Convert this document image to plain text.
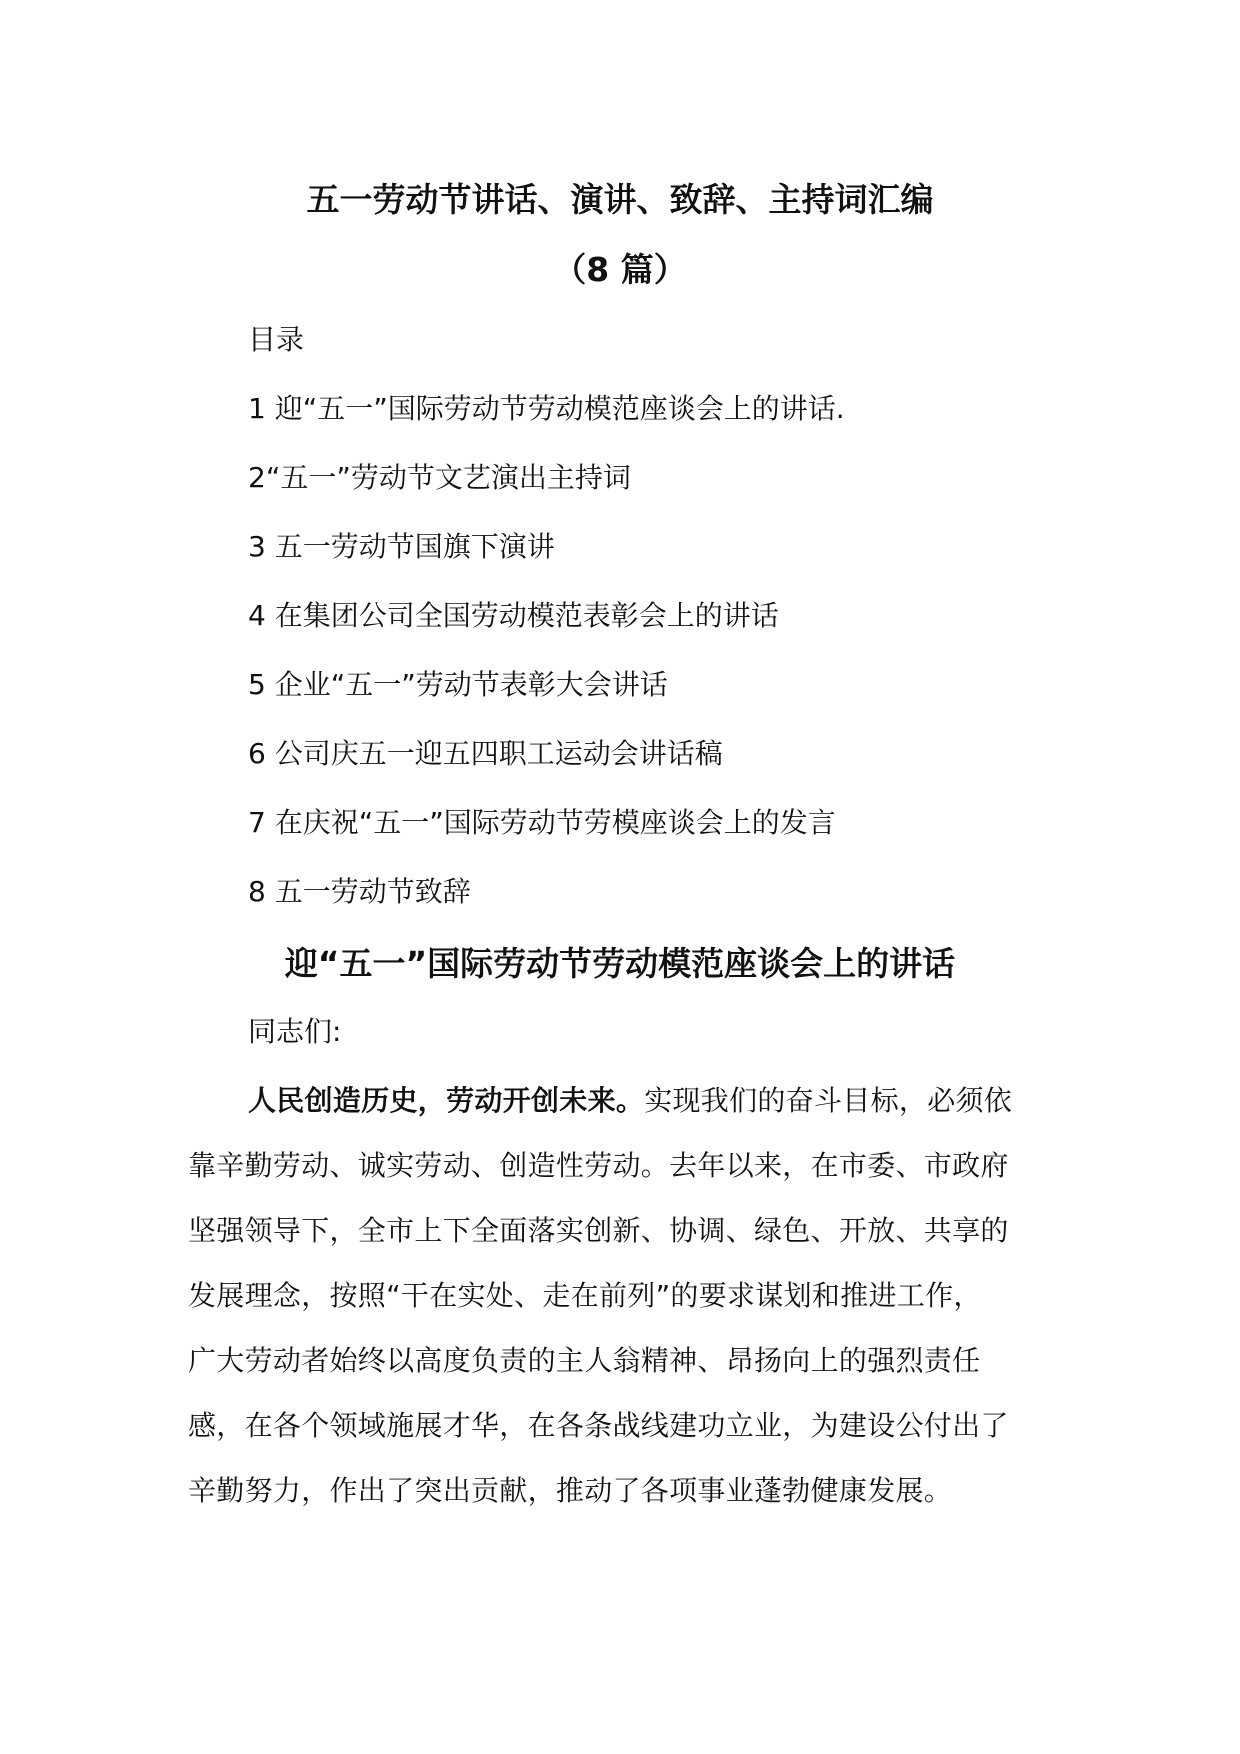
五一劳动节讲话、演讲、致辞、主持词汇编
（8 篇）
目录
1 迎“五一”国际劳动节劳动模范座谈会上的讲话.
2“五一”劳动节文艺演出主持词
3 五一劳动节国旗下演讲
4 在集团公司全国劳动模范表彰会上的讲话
5 企业“五一”劳动节表彰大会讲话
6 公司庆五一迎五四职工运动会讲话稿
7 在庆祝“五一”国际劳动节劳模座谈会上的发言
8 五一劳动节致辞
迎“五一”国际劳动节劳动模范座谈会上的讲话
同志们:
人民创造历史，劳动开创未来。实现我们的奋斗目标，必须依
靠辛勤劳动、诚实劳动、创造性劳动。去年以来，在市委、市政府
坚强领导下，全市上下全面落实创新、协调、绿色、开放、共享的
发展理念，按照“干在实处、走在前列”的要求谋划和推进工作，
广大劳动者始终以高度负责的主人翁精神、昂扬向上的强烈责任
感，在各个领域施展才华，在各条战线建功立业，为建设公付出了
辛勤努力，作出了突出贡献，推动了各项事业蓬勃健康发展。
